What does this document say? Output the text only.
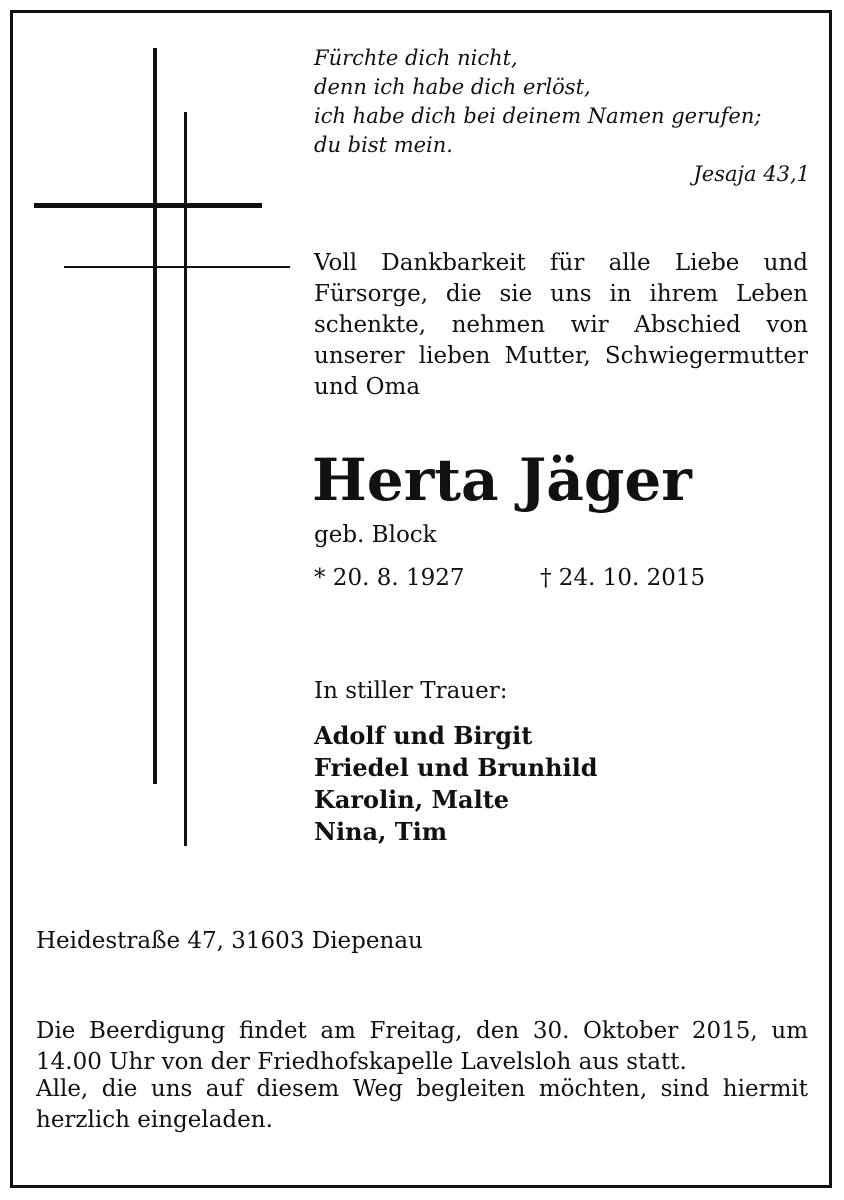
Fürchte dich nicht,
denn ich habe dich erlöst,
ich habe dich bei deinem Namen gerufen;
du bist mein.
Jesaja 43,1
Voll Dankbarkeit für alle Liebe und Fürsorge, die sie uns in ihrem Leben schenkte, nehmen wir Abschied von unserer lieben Mutter, Schwiegermutter und Oma
Herta Jäger
geb. Block
* 20. 8. 1927	† 24. 10. 2015
In stiller Trauer:
Adolf und Birgit
Friedel und Brunhild
Karolin, Malte
Nina, Tim
Heidestraße 47, 31603 Diepenau
Die Beerdigung findet am Freitag, den 30. Oktober 2015, um 14.00 Uhr von der Friedhofskapelle Lavelsloh aus statt.
Alle, die uns auf diesem Weg begleiten möchten, sind hiermit herzlich eingeladen.
